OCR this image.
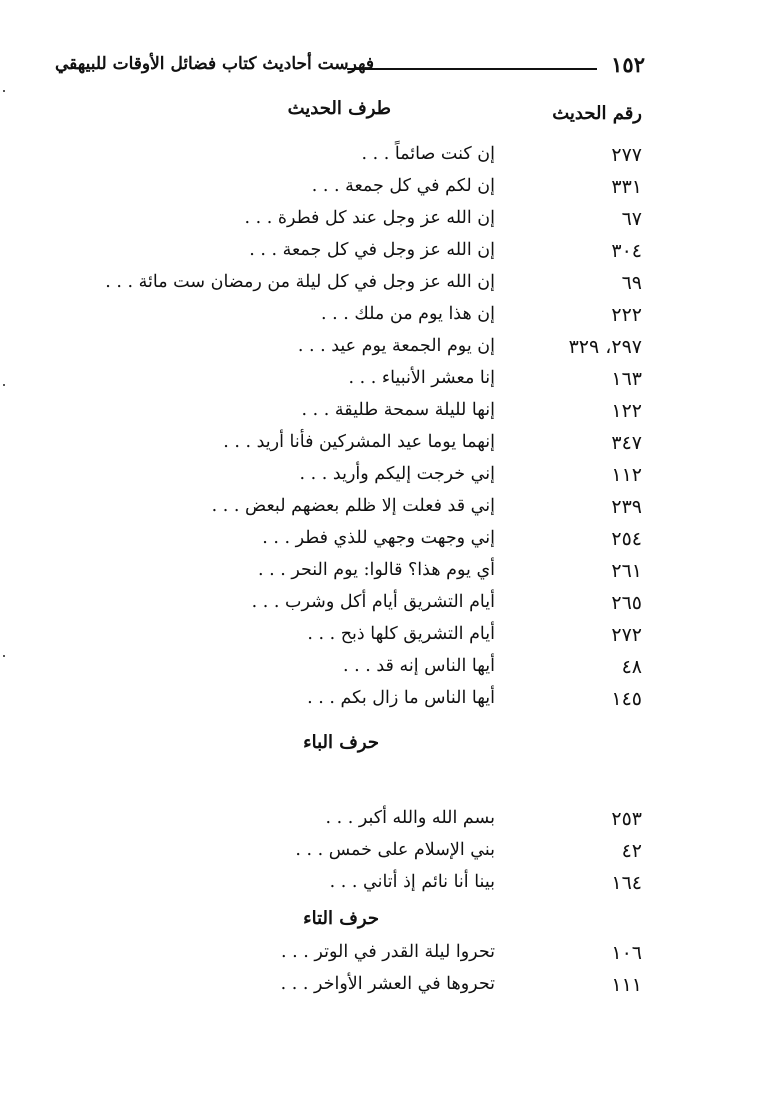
١٥٢
فهرست أحاديث كتاب فضائل الأوقات للبيهقي
رقم الحديث
طرف الحديث
٢٧٧
إن كنت صائماً . . .
٣٣١
إن لكم في كل جمعة . . .
٦٧
إن الله عز وجل عند كل فطرة . . .
٣٠٤
إن الله عز وجل في كل جمعة . . .
٦٩
إن الله عز وجل في كل ليلة من رمضان ست مائة . . .
٢٢٢
إن هذا يوم من ملك . . .
٢٩٧، ٣٢٩
إن يوم الجمعة يوم عيد . . .
١٦٣
إنا معشر الأنبياء . . .
١٢٢
إنها لليلة سمحة طليقة . . .
٣٤٧
إنهما يوما عيد المشركين فأنا أريد . . .
١١٢
إني خرجت إليكم وأريد . . .
٢٣٩
إني قد فعلت إلا ظلم بعضهم لبعض . . .
٢٥٤
إني وجهت وجهي للذي فطر . . .
٢٦١
أي يوم هذا؟ قالوا: يوم النحر . . .
٢٦٥
أيام التشريق أيام أكل وشرب . . .
٢٧٢
أيام التشريق كلها ذبح . . .
٤٨
أيها الناس إنه قد . . .
١٤٥
أيها الناس ما زال بكم . . .
حرف الباء
٢٥٣
بسم الله والله أكبر . . .
٤٢
بني الإسلام على خمس . . .
١٦٤
بينا أنا نائم إذ أتاني . . .
حرف التاء
١٠٦
تحروا ليلة القدر في الوتر . . .
١١١
تحروها في العشر الأواخر . . .
